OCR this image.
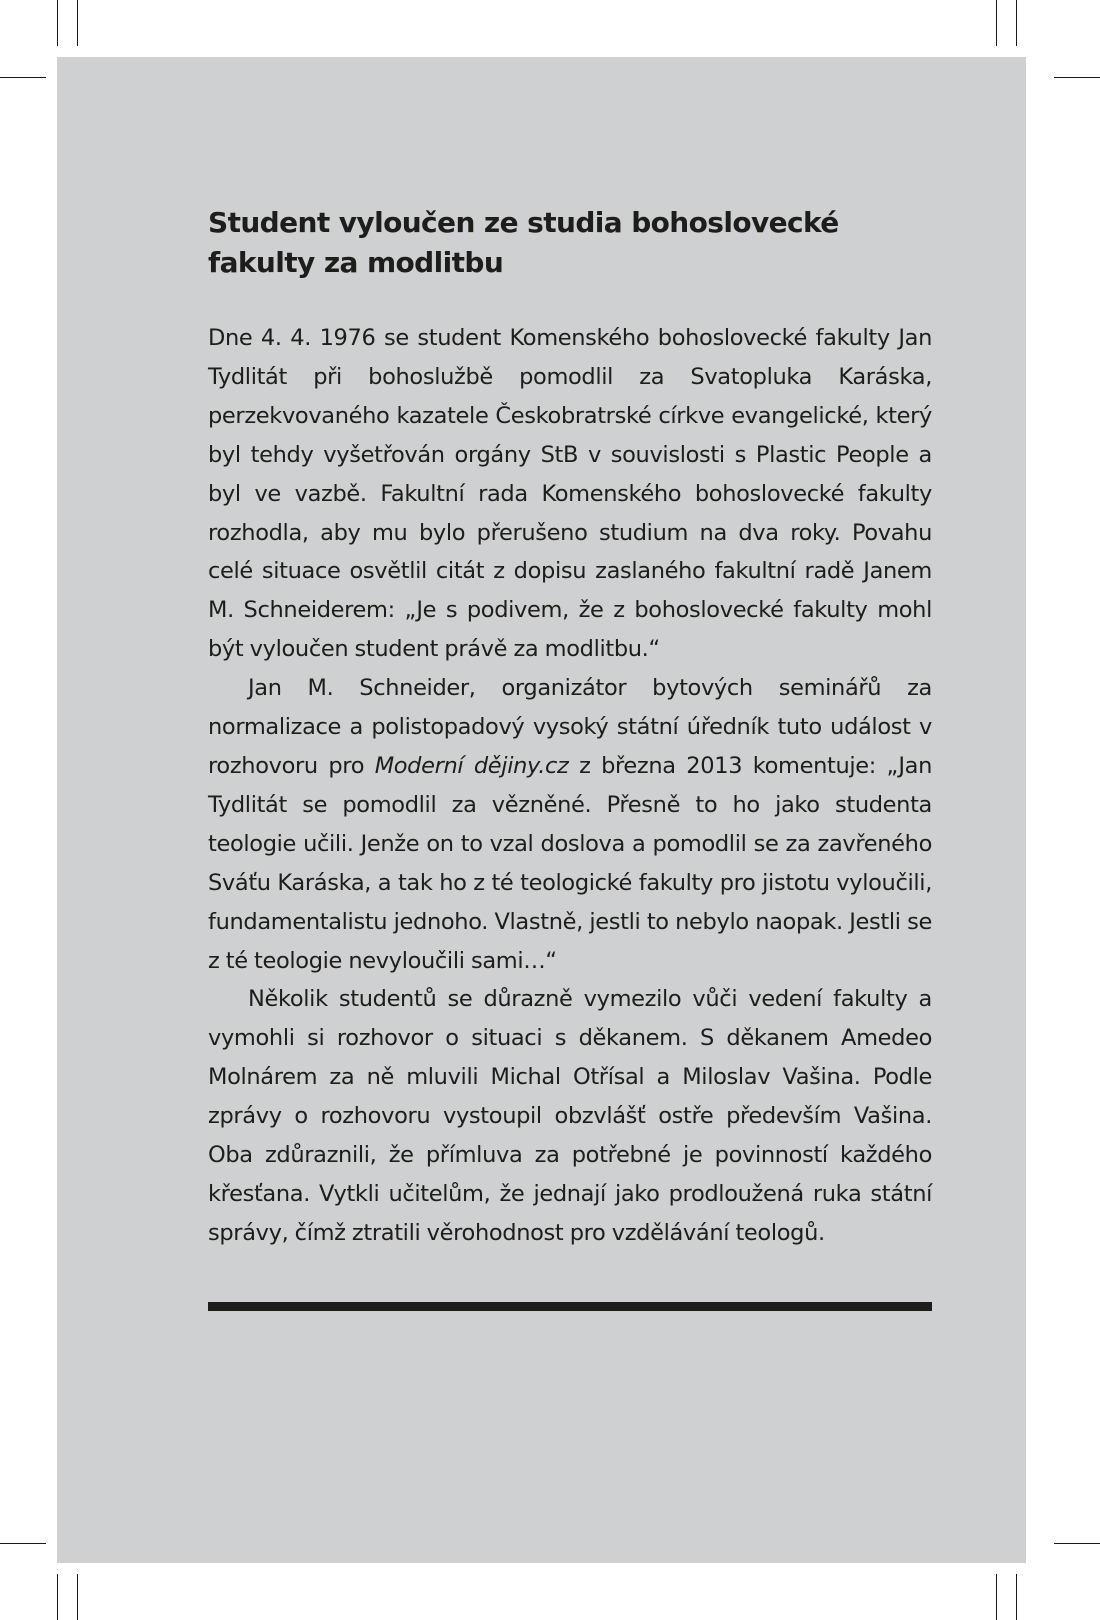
Student vyloučen ze studia bohoslovecké fakulty za modlitbu

Dne 4. 4. 1976 se student Komenského bohoslovecké fakulty Jan Tydlitát při bohoslužbě pomodlil za Svatopluka Karáska, perzekvovaného kazatele Českobratrské církve evangelické, který byl tehdy vyšetřován orgány StB v souvislosti s Plastic People a byl ve vazbě. Fakultní rada Komenského bohoslovecké fakulty rozhodla, aby mu bylo přerušeno studium na dva roky. Povahu celé situace osvětlil citát z dopisu zaslaného fakultní radě Janem M. Schneiderem: „Je s podivem, že z bohoslovecké fakulty mohl být vyloučen student právě za modlitbu.“

Jan M. Schneider, organizátor bytových seminářů za normalizace a polistopadový vysoký státní úředník tuto událost v rozhovoru pro Moderní dějiny.cz z března 2013 komentuje: „Jan Tydlitát se pomodlil za vězněné. Přesně to ho jako studenta teologie učili. Jenže on to vzal doslova a pomodlil se za zavřeného Sváťu Karáska, a tak ho z té teologické fakulty pro jistotu vyloučili, fundamentalistu jednoho. Vlastně, jestli to nebylo naopak. Jestli se z té teologie nevyloučili sami…“

Několik studentů se důrazně vymezilo vůči vedení fakulty a vymohli si rozhovor o situaci s děkanem. S děkanem Amedeo Molnárem za ně mluvili Michal Otřísal a Miloslav Vašina. Podle zprávy o rozhovoru vystoupil obzvlášť ostře především Vašina. Oba zdůraznili, že přímluva za potřebné je povinností každého křesťana. Vytkli učitelům, že jednají jako prodloužená ruka státní správy, čímž ztratili věrohodnost pro vzdělávání teologů.
